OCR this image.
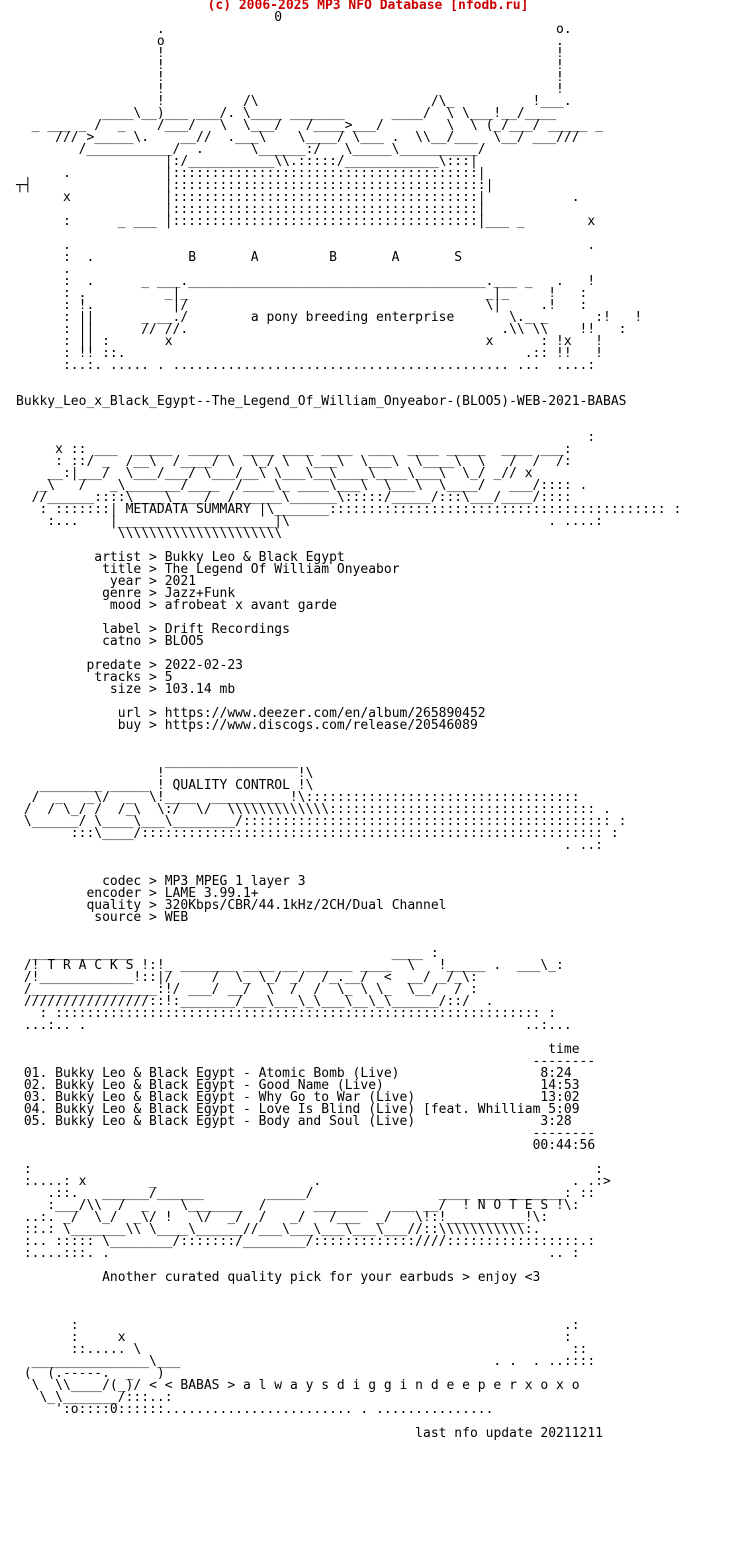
(c) 2006-2025 MP3 NFO Database [nfodb.ru]
0
.                                                  o.
o                                                  .
!                                                  !
!                                                  !
!                                                  !
!                                                  !
!          /\                      /\_          !___.
____\__)___ ___/. \____ _______      ____/  \ \___!__/____
_ ___ _ /  _    /___/   \  \___/   /____>___/        \  \ (_/___/ _____ _
/// >_____\.    __//  .___\    \____/ \___ .  \\__/___  \__/ ___///
/___________/  .      \______:/   \_____\__________/
|:/___________\\.:::::/____________\:::|
.            |:::::::::::::::::::::::::::::::::::::::|
┬┤                 |::::::::::::::::::::::::::::::::::::::::|
x            |:::::::::::::::::::::::::::::::::::::::|           .
|:::::::::::::::::::::::::::::::::::::::|
:      _ ___ |:::::::::::::::::::::::::::::::::::::::|___ _        x

.                                                                  .
:  .	B       A         B       A       S
.
:  .      _ ___.______________________________________.___ _   .   !
: .          _|_                                      _|_     !   :
: !.          |/                                      \|     .!   :
: ||      _ __./	a pony breeding enterprise	\._ _      :!   !
: ||      // //.                                        .\\ \\    !!   :
: || :       x                                        x      : !x   !
: !! ::.                                                   .:: !!   !
:..:. ..... . ........................................... ...  ....:

Bukky_Leo_x_Black_Egypt--The_Legend_Of_William_Onyeabor-(BLOO5)-WEB-2021-BABAS

:
x :: ___  _____  _____  ____ ____ ____  ___  ____ _____  ____ ___:
: ::/ _  /__\  /____/ \  \_/ \  \___\  \___\  \____\  \   /  /  /:
__:|___/  \___/___/ \___/__\ \___\__\____\____\___\  \_/ _// x
_\   /   _\_______/____  /____\_ ____\___\  \___\  \____/   ___/:::: .
//______::::\____\____/  /______\______\:::::/_____/:::\___/____/::::
: :::::::| METADATA SUMMARY |\_______::::::::::::::::::::::::::::::::::::::::::: :
:...    |____________________|\                                 . ....:
\\\\\\\\\\\\\\\\\\\\\

artist > Bukky Leo & Black Egypt
title > The Legend Of William Onyeabor
year > 2021
genre > Jazz+Funk
mood > afrobeat x avant garde

label > Drift Recordings
catno > BLOO5

predate > 2022-02-23
tracks > 5
size > 103.14 mb

url > https://www.deezer.com/en/album/265890452
buy > https://www.discogs.com/release/20546089

_________________
!                 !\
________ _____ ! QUALITY CONTROL !\
/  _   _\/  _  \!____  _________ !\:::::::::::::::::::::::::::::::::::
/  / \_/ /  /_\  \:/  \/  \\\\\\\\\\\\\:::::::::::::::::::::::::::::::::: .
\______/ \____\___\________/::::::::::::::::::::::::::::::::::::::::::::::: :
:::\____/::::::::::::::::::::::::::::::::::::::::::::::::::::::::::: :
. ..:

codec > MP3 MPEG 1 layer 3
encoder > LAME 3.99.1+
quality > 320Kbps/CBR/44.1kHz/2CH/Dual Channel
source > WEB

_____________                                 ____ :
/! T R A C K S !:!_ _______ ____ __ ______ ____  \   !_____ .  ___\_:
/!____________!::|/     /  \_ \_/ _/  /_.__/  <  __/ _/_\:
/________________:!/ ___/ __/  \  /  /  \_ \ \_  \__/  / :
////////////////::!:_______/___\___\_\___\__\_\______/::/  .
: :::::::::::::::::::::::::::::::::::::::::::::::::::::::::::::: :
...:.. .                                                        ..:...

time
--------
01. Bukky Leo & Black Egypt - Atomic Bomb (Live)	8:24
02. Bukky Leo & Black Egypt - Good Name (Live)	14:53
03. Bukky Leo & Black Egypt - Why Go to War (Live)	13:02
04. Bukky Leo & Black Egypt - Love Is Blind (Live) [feat. Whilliam 5:09
05. Bukky Leo & Black Egypt - Body and Soul (Live)	3:28
--------
00:44:56

:                                                                        :
:....: x        _                    .                                . .:>
.::.   ______/______        _____/                ____ ___________: ::
:___/\\  /  _    \_______  /      _______   ___ __/  ! N O T E S !\:
..:. _/  \_/  _\/ !   \/  _/  /   _/   /___  _/   \!:!__________!\:
::.: \_______\\ \____\______//___\___\___\___\___//::\\\\\\\\\\\:.
:.. ::::: \________/:::::::/________/:::::::::::::////:::::::::::::::::.:
:....:::. .                                                        .. :

Another curated quality pick for your earbuds > enjoy <3

:                                                              .:
:     x                                                        :
::..... \                                                       ::
_______________\___                                        . .  . ..::::
(  (.-----.  _   )
\  \\____/(_)/ < < BABAS > a l w a y s d i g g i n d e e p e r x o x o
\_\_______/:::..:
':o::::0::::::........................ . ...............

last nfo update 20211211
